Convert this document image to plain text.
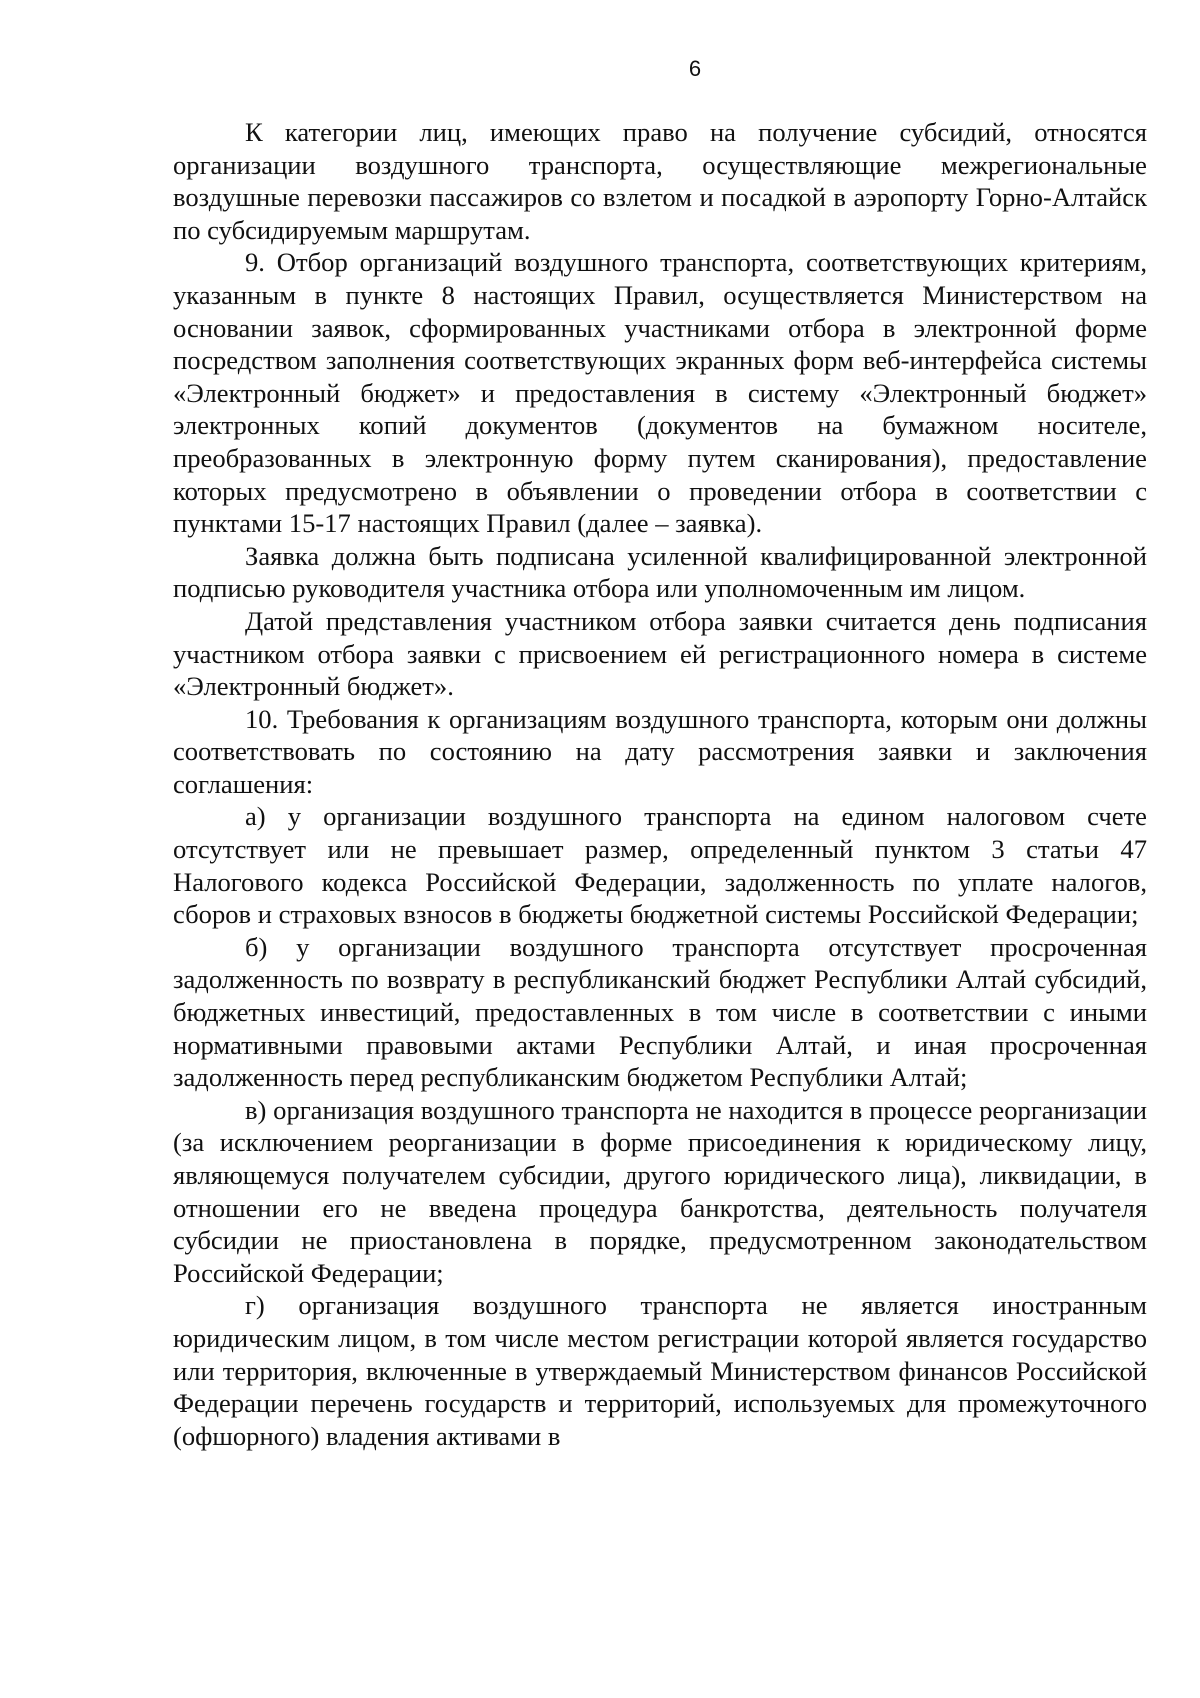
6

К категории лиц, имеющих право на получение субсидий, относятся организации воздушного транспорта, осуществляющие межрегиональные воздушные перевозки пассажиров со взлетом и посадкой в аэропорту Горно-Алтайск по субсидируемым маршрутам.

9. Отбор организаций воздушного транспорта, соответствующих критериям, указанным в пункте 8 настоящих Правил, осуществляется Министерством на основании заявок, сформированных участниками отбора в электронной форме посредством заполнения соответствующих экранных форм веб-интерфейса системы «Электронный бюджет» и предоставления в систему «Электронный бюджет» электронных копий документов (документов на бумажном носителе, преобразованных в электронную форму путем сканирования), предоставление которых предусмотрено в объявлении о проведении отбора в соответствии с пунктами 15-17 настоящих Правил (далее – заявка).

Заявка должна быть подписана усиленной квалифицированной электронной подписью руководителя участника отбора или уполномоченным им лицом.

Датой представления участником отбора заявки считается день подписания участником отбора заявки с присвоением ей регистрационного номера в системе «Электронный бюджет».

10. Требования к организациям воздушного транспорта, которым они должны соответствовать по состоянию на дату рассмотрения заявки и заключения соглашения:

а) у организации воздушного транспорта на едином налоговом счете отсутствует или не превышает размер, определенный пунктом 3 статьи 47 Налогового кодекса Российской Федерации, задолженность по уплате налогов, сборов и страховых взносов в бюджеты бюджетной системы Российской Федерации;

б) у организации воздушного транспорта отсутствует просроченная задолженность по возврату в республиканский бюджет Республики Алтай субсидий, бюджетных инвестиций, предоставленных в том числе в соответствии с иными нормативными правовыми актами Республики Алтай, и иная просроченная задолженность перед республиканским бюджетом Республики Алтай;

в) организация воздушного транспорта не находится в процессе реорганизации (за исключением реорганизации в форме присоединения к юридическому лицу, являющемуся получателем субсидии, другого юридического лица), ликвидации, в отношении его не введена процедура банкротства, деятельность получателя субсидии не приостановлена в порядке, предусмотренном законодательством Российской Федерации;

г) организация воздушного транспорта не является иностранным юридическим лицом, в том числе местом регистрации которой является государство или территория, включенные в утверждаемый Министерством финансов Российской Федерации перечень государств и территорий, используемых для промежуточного (офшорного) владения активами в
